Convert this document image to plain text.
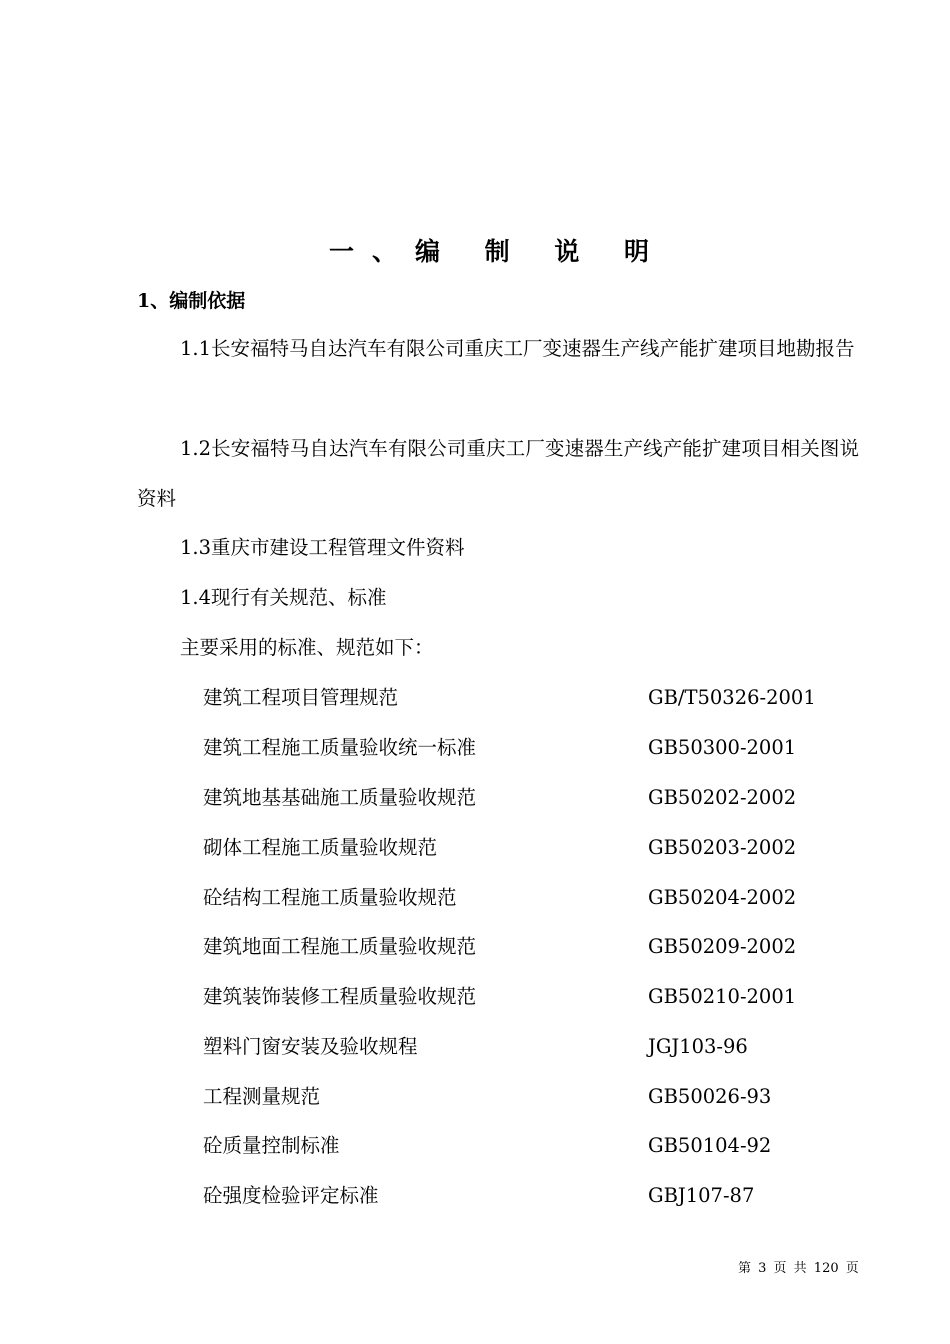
一、编 制 说 明
1、编制依据
1.1长安福特马自达汽车有限公司重庆工厂变速器生产线产能扩建项目地勘报告
1.2长安福特马自达汽车有限公司重庆工厂变速器生产线产能扩建项目相关图说资料
1.3重庆市建设工程管理文件资料
1.4现行有关规范、标准
主要采用的标准、规范如下：
建筑工程项目管理规范	GB/T50326-2001
建筑工程施工质量验收统一标准	GB50300-2001
建筑地基基础施工质量验收规范	GB50202-2002
砌体工程施工质量验收规范	GB50203-2002
砼结构工程施工质量验收规范	GB50204-2002
建筑地面工程施工质量验收规范	GB50209-2002
建筑装饰装修工程质量验收规范	GB50210-2001
塑料门窗安装及验收规程	JGJ103-96
工程测量规范	GB50026-93
砼质量控制标准	GB50104-92
砼强度检验评定标准	GBJ107-87
第 3 页 共 120 页
